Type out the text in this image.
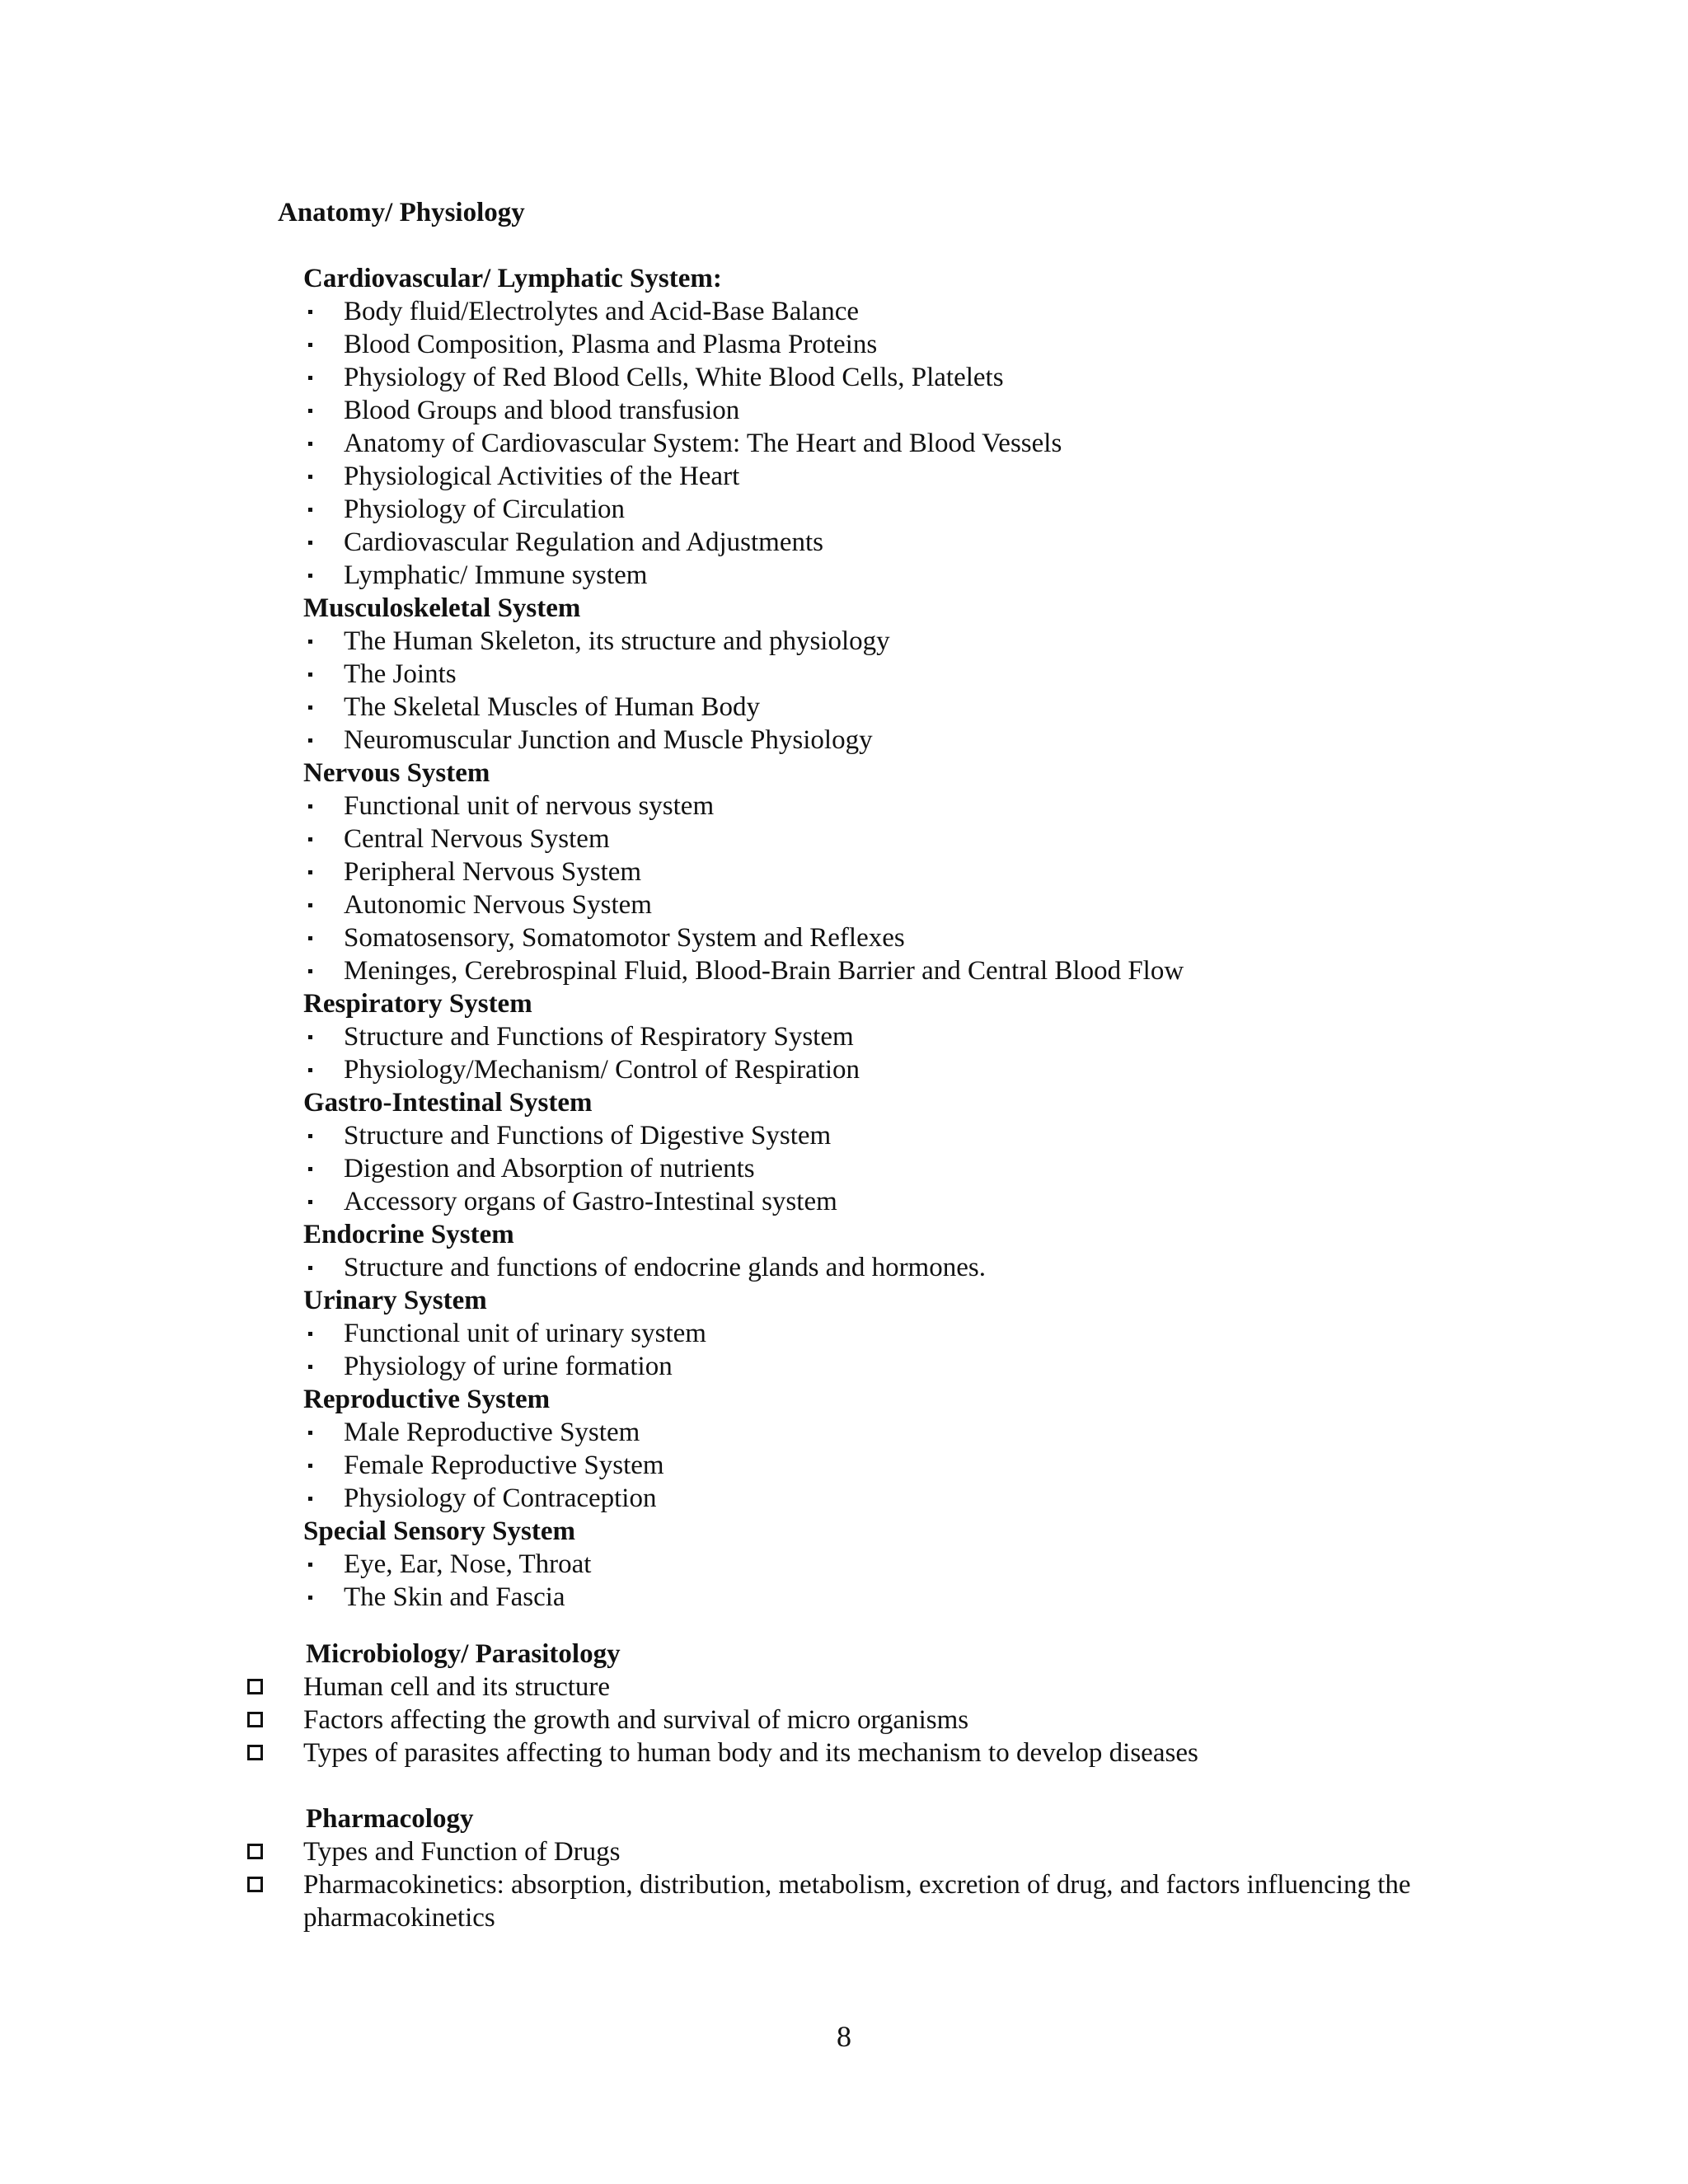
Anatomy/ Physiology
Cardiovascular/ Lymphatic System:
Body fluid/Electrolytes and Acid-Base Balance
Blood Composition, Plasma and Plasma Proteins
Physiology of Red Blood Cells, White Blood Cells, Platelets
Blood Groups and blood transfusion
Anatomy of Cardiovascular System: The Heart and Blood Vessels
Physiological Activities of the Heart
Physiology of Circulation
Cardiovascular Regulation and Adjustments
Lymphatic/ Immune system
Musculoskeletal System
The Human Skeleton, its structure and physiology
The Joints
The Skeletal Muscles of Human Body
Neuromuscular Junction and Muscle Physiology
Nervous System
Functional unit of nervous system
Central Nervous System
Peripheral Nervous System
Autonomic Nervous System
Somatosensory, Somatomotor System and Reflexes
Meninges, Cerebrospinal Fluid, Blood-Brain Barrier and Central Blood Flow
Respiratory System
Structure and Functions of Respiratory System
Physiology/Mechanism/ Control of Respiration
Gastro-Intestinal System
Structure and Functions of Digestive System
Digestion and Absorption of nutrients
Accessory organs of Gastro-Intestinal system
Endocrine System
Structure and functions of endocrine glands and hormones.
Urinary System
Functional unit of urinary system
Physiology of urine formation
Reproductive System
Male Reproductive System
Female Reproductive System
Physiology of Contraception
Special Sensory System
Eye, Ear, Nose, Throat
The Skin and Fascia
Microbiology/ Parasitology
Human cell and its structure
Factors affecting the growth and survival of micro organisms
Types of parasites affecting to human body and its mechanism to develop diseases
Pharmacology
Types and Function of Drugs
Pharmacokinetics: absorption, distribution, metabolism, excretion of drug, and factors influencing the pharmacokinetics
8
